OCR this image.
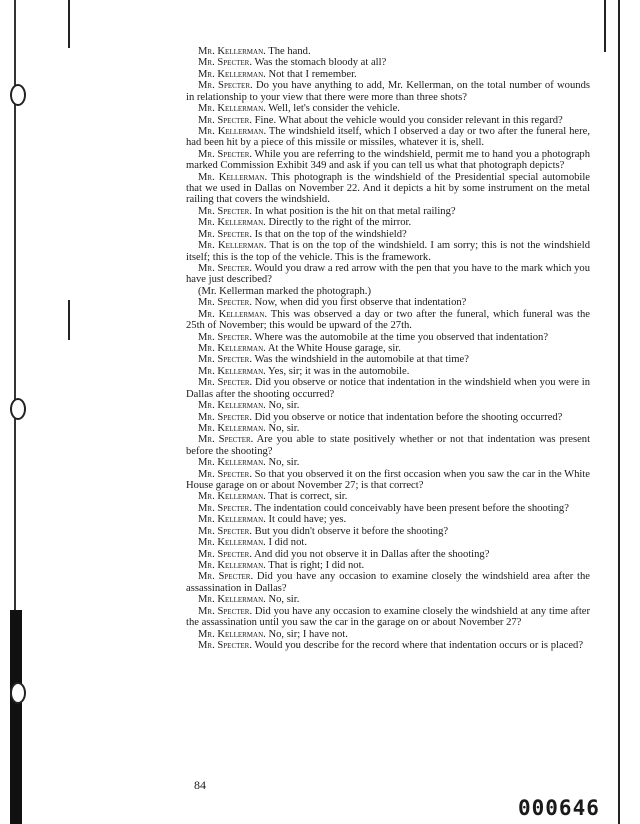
Mr. Kellerman. The hand.

Mr. Specter. Was the stomach bloody at all?

Mr. Kellerman. Not that I remember.

Mr. Specter. Do you have anything to add, Mr. Kellerman, on the total number of wounds in relationship to your view that there were more than three shots?

Mr. Kellerman. Well, let's consider the vehicle.

Mr. Specter. Fine. What about the vehicle would you consider relevant in this regard?

Mr. Kellerman. The windshield itself, which I observed a day or two after the funeral here, had been hit by a piece of this missile or missiles, whatever it is, shell.

Mr. Specter. While you are referring to the windshield, permit me to hand you a photograph marked Commission Exhibit 349 and ask if you can tell us what that photograph depicts?

Mr. Kellerman. This photograph is the windshield of the Presidential special automobile that we used in Dallas on November 22. And it depicts a hit by some instrument on the metal railing that covers the windshield.

Mr. Specter. In what position is the hit on that metal railing?

Mr. Kellerman. Directly to the right of the mirror.

Mr. Specter. Is that on the top of the windshield?

Mr. Kellerman. That is on the top of the windshield. I am sorry; this is not the windshield itself; this is the top of the vehicle. This is the framework.

Mr. Specter. Would you draw a red arrow with the pen that you have to the mark which you have just described?

(Mr. Kellerman marked the photograph.)

Mr. Specter. Now, when did you first observe that indentation?

Mr. Kellerman. This was observed a day or two after the funeral, which funeral was the 25th of November; this would be upward of the 27th.

Mr. Specter. Where was the automobile at the time you observed that indentation?

Mr. Kellerman. At the White House garage, sir.

Mr. Specter. Was the windshield in the automobile at that time?

Mr. Kellerman. Yes, sir; it was in the automobile.

Mr. Specter. Did you observe or notice that indentation in the windshield when you were in Dallas after the shooting occurred?

Mr. Kellerman. No, sir.

Mr. Specter. Did you observe or notice that indentation before the shooting occurred?

Mr. Kellerman. No, sir.

Mr. Specter. Are you able to state positively whether or not that indentation was present before the shooting?

Mr. Kellerman. No, sir.

Mr. Specter. So that you observed it on the first occasion when you saw the car in the White House garage on or about November 27; is that correct?

Mr. Kellerman. That is correct, sir.

Mr. Specter. The indentation could conceivably have been present before the shooting?

Mr. Kellerman. It could have; yes.

Mr. Specter. But you didn't observe it before the shooting?

Mr. Kellerman. I did not.

Mr. Specter. And did you not observe it in Dallas after the shooting?

Mr. Kellerman. That is right; I did not.

Mr. Specter. Did you have any occasion to examine closely the windshield area after the assassination in Dallas?

Mr. Kellerman. No, sir.

Mr. Specter. Did you have any occasion to examine closely the windshield at any time after the assassination until you saw the car in the garage on or about November 27?

Mr. Kellerman. No, sir; I have not.

Mr. Specter. Would you describe for the record where that indentation occurs or is placed?

84
000646
